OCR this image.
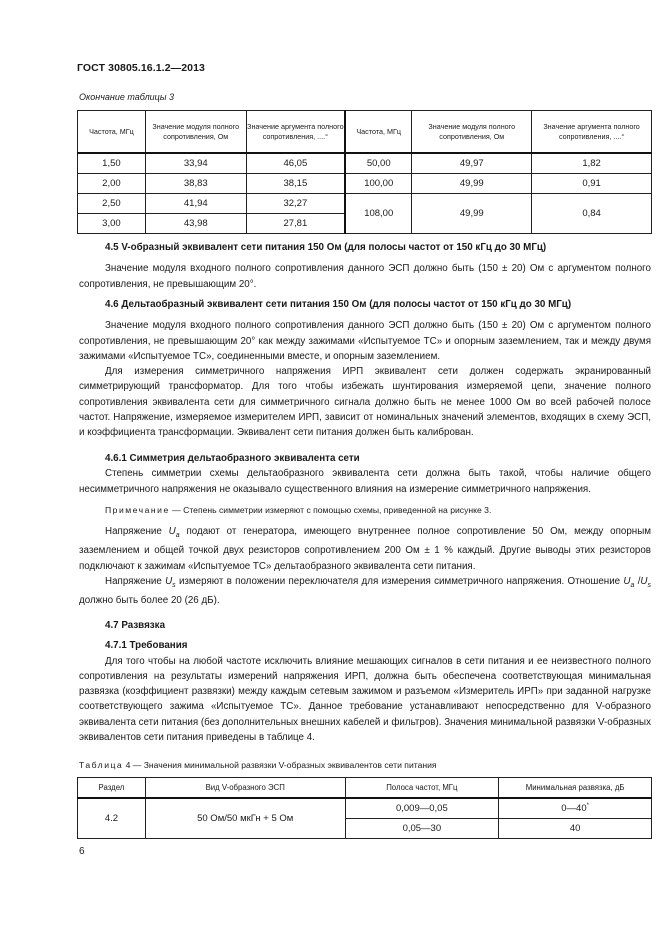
ГОСТ 30805.16.1.2—2013
Окончание таблицы 3
Частота, МГц	Значение модуля полного сопротивления, Ом	Значение аргумента полного сопротивления, ....°	Частота, МГц	Значение модуля полного сопротивления, Ом	Значение аргумента полного сопротивления, ....°
1,50	33,94	46,05	50,00	49,97	1,82
2,00	38,83	38,15	100,00	49,99	0,91
2,50	41,94	32,27	108,00	49,99	0,84
3,00	43,98	27,81			

4.5 V-образный эквивалент сети питания 150 Ом (для полосы частот от 150 кГц до 30 МГц)

Значение модуля входного полного сопротивления данного ЭСП должно быть (150 ± 20) Ом с аргументом полного сопротивления, не превышающим 20°.

4.6 Дельтаобразный эквивалент сети питания 150 Ом (для полосы частот от 150 кГц до 30 МГц)

Значение модуля входного полного сопротивления данного ЭСП должно быть (150 ± 20) Ом с аргументом полного сопротивления, не превышающим 20° как между зажимами «Испытуемое ТС» и опорным заземлением, так и между двумя зажимами «Испытуемое ТС», соединенными вместе, и опорным заземлением.

Для измерения симметричного напряжения ИРП эквивалент сети должен содержать экранированный симметрирующий трансформатор. Для того чтобы избежать шунтирования измеряемой цепи, значение полного сопротивления эквивалента сети для симметричного сигнала должно быть не менее 1000 Ом во всей рабочей полосе частот. Напряжение, измеряемое измерителем ИРП, зависит от номинальных значений элементов, входящих в схему ЭСП, и коэффициента трансформации. Эквивалент сети питания должен быть калиброван.

4.6.1 Симметрия дельтаобразного эквивалента сети

Степень симметрии схемы дельтаобразного эквивалента сети должна быть такой, чтобы наличие общего несимметричного напряжения не оказывало существенного влияния на измерение симметричного напряжения.

Примечание — Степень симметрии измеряют с помощью схемы, приведенной на рисунке 3.

Напряжение $U_a$ подают от генератора, имеющего внутреннее полное сопротивление 50 Ом, между опорным заземлением и общей точкой двух резисторов сопротивлением 200 Ом ± 1 % каждый. Другие выводы этих резисторов подключают к зажимам «Испытуемое ТС» дельтаобразного эквивалента сети питания.

Напряжение $U_s$ измеряют в положении переключателя для измерения симметричного напряжения. Отношение $U_a$ $/U_s$ должно быть более 20 (26 дБ).

4.7 Развязка

4.7.1 Требования

Для того чтобы на любой частоте исключить влияние мешающих сигналов в сети питания и ее неизвестного полного сопротивления на результаты измерений напряжения ИРП, должна быть обеспечена соответствующая минимальная развязка (коэффициент развязки) между каждым сетевым зажимом и разъемом «Измеритель ИРП» при заданной нагрузке соответствующего зажима «Испытуемое ТС». Данное требование устанавливают непосредственно для V-образного эквивалента сети питания (без дополнительных внешних кабелей и фильтров). Значения минимальной развязки V-образных эквивалентов сети питания приведены в таблице 4.

Таблица 4 — Значения минимальной развязки V-образных эквивалентов сети питания
Раздел	Вид V-образного ЭСП	Полоса частот, МГц	Минимальная развязка, дБ
4.2	50 Ом/50 мкГн + 5 Ом	0,009—0,05	0—40*
		0,05—30	40
6
